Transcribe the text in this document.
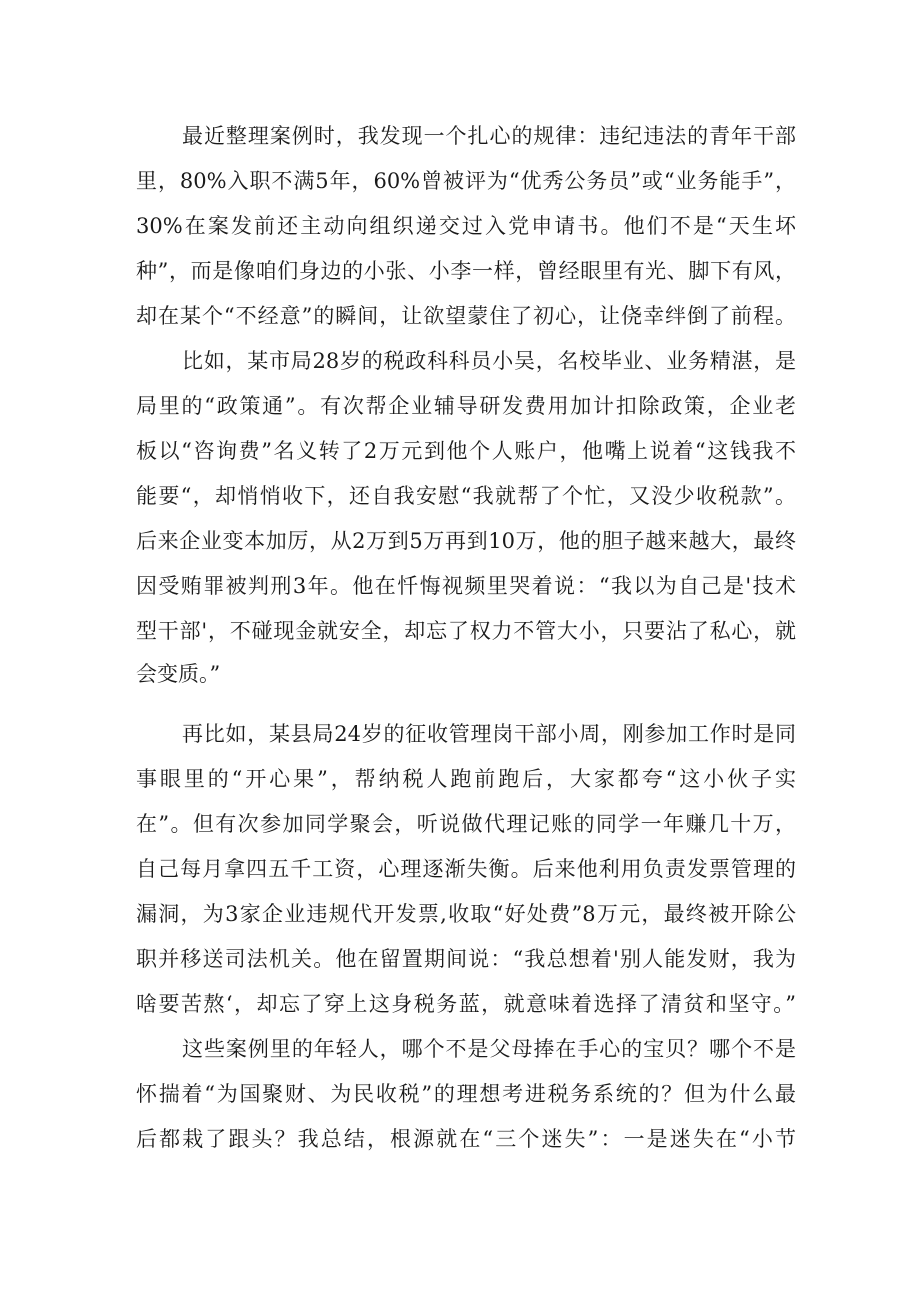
最近整理案例时，我发现一个扎心的规律：违纪违法的青年干部
里，80%入职不满5年，60%曾被评为“优秀公务员”或“业务能手”，
30%在案发前还主动向组织递交过入党申请书。他们不是“天生坏
种”，而是像咱们身边的小张、小李一样，曾经眼里有光、脚下有风，
却在某个“不经意”的瞬间，让欲望蒙住了初心，让侥幸绊倒了前程。
比如，某市局28岁的税政科科员小吴，名校毕业、业务精湛，是
局里的“政策通”。有次帮企业辅导研发费用加计扣除政策，企业老
板以“咨询费”名义转了2万元到他个人账户，他嘴上说着“这钱我不
能要“，却悄悄收下，还自我安慰“我就帮了个忙，又没少收税款”。
后来企业变本加厉，从2万到5万再到10万，他的胆子越来越大，最终
因受贿罪被判刑3年。他在忏悔视频里哭着说：“我以为自己是'技术
型干部'，不碰现金就安全，却忘了权力不管大小，只要沾了私心，就
会变质。”
再比如，某县局24岁的征收管理岗干部小周，刚参加工作时是同
事眼里的“开心果”，帮纳税人跑前跑后，大家都夸“这小伙子实
在”。但有次参加同学聚会，听说做代理记账的同学一年赚几十万，
自己每月拿四五千工资，心理逐渐失衡。后来他利用负责发票管理的
漏洞，为3家企业违规代开发票,收取“好处费”8万元，最终被开除公
职并移送司法机关。他在留置期间说：“我总想着'别人能发财，我为
啥要苦熬‘，却忘了穿上这身税务蓝，就意味着选择了清贫和坚守。”
这些案例里的年轻人，哪个不是父母捧在手心的宝贝？哪个不是
怀揣着“为国聚财、为民收税”的理想考进税务系统的？但为什么最
后都栽了跟头？我总结，根源就在“三个迷失”：一是迷失在“小节
